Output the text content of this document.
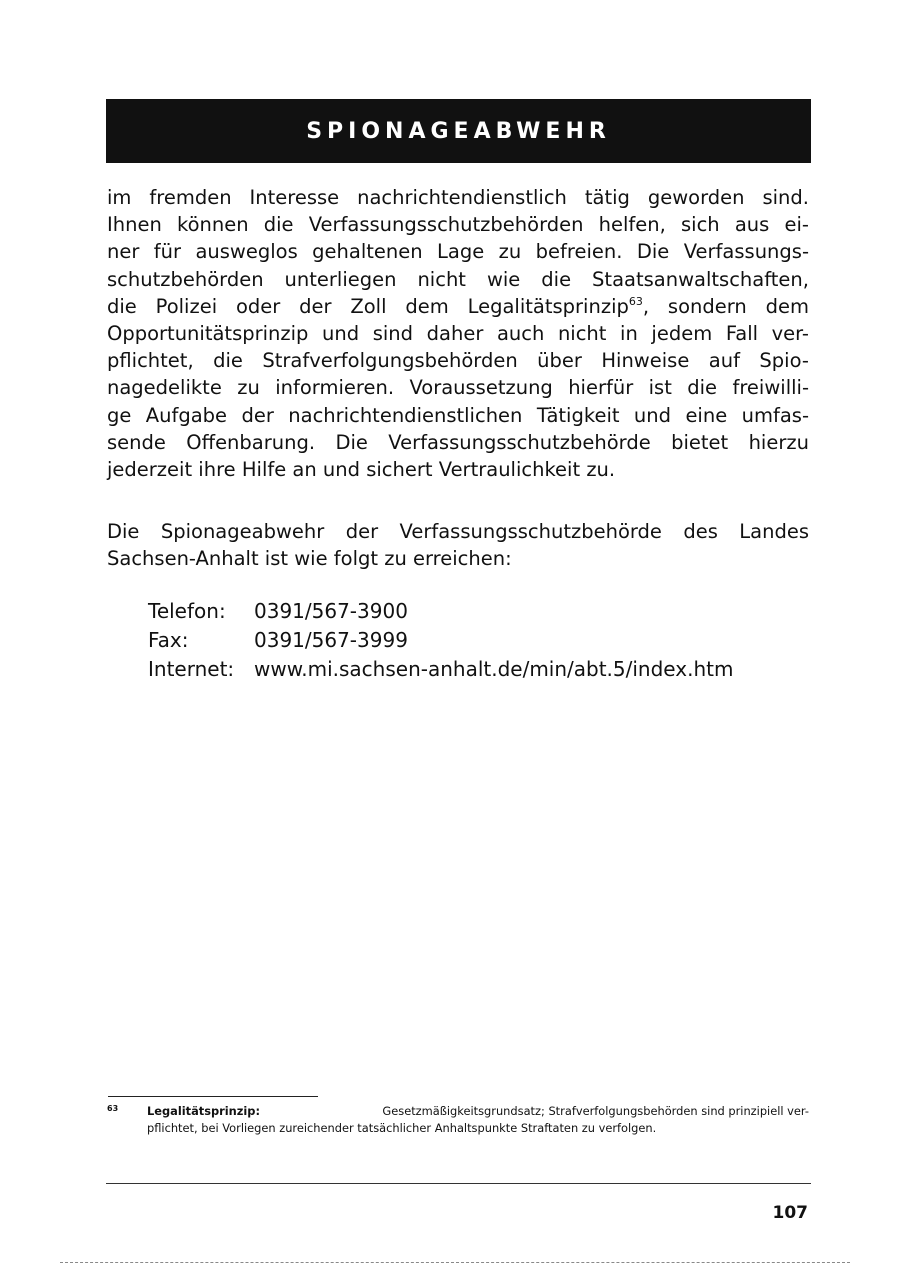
SPIONAGEABWEHR
im fremden Interesse nachrichtendienstlich tätig geworden sind.
Ihnen können die Verfassungsschutzbehörden helfen, sich aus ei-
ner für ausweglos gehaltenen Lage zu befreien. Die Verfassungs-
schutzbehörden unterliegen nicht wie die Staatsanwaltschaften,
die Polizei oder der Zoll dem Legalitätsprinzip$^{63}$, sondern dem
Opportunitätsprinzip und sind daher auch nicht in jedem Fall ver-
pflichtet, die Strafverfolgungsbehörden über Hinweise auf Spio-
nagedelikte zu informieren. Voraussetzung hierfür ist die freiwilli-
ge Aufgabe der nachrichtendienstlichen Tätigkeit und eine umfas-
sende Offenbarung. Die Verfassungsschutzbehörde bietet hierzu
jederzeit ihre Hilfe an und sichert Vertraulichkeit zu.
Die Spionageabwehr der Verfassungsschutzbehörde des Landes
Sachsen-Anhalt ist wie folgt zu erreichen:
Telefon:	0391/567-3900
Fax:	0391/567-3999
Internet:	www.mi.sachsen-anhalt.de/min/abt.5/index.htm
63	Legalitätsprinzip:	Gesetzmäßigkeitsgrundsatz; Strafverfolgungsbehörden sind prinzipiell ver-
pflichtet, bei Vorliegen zureichender tatsächlicher Anhaltspunkte Straftaten zu verfolgen.
107
